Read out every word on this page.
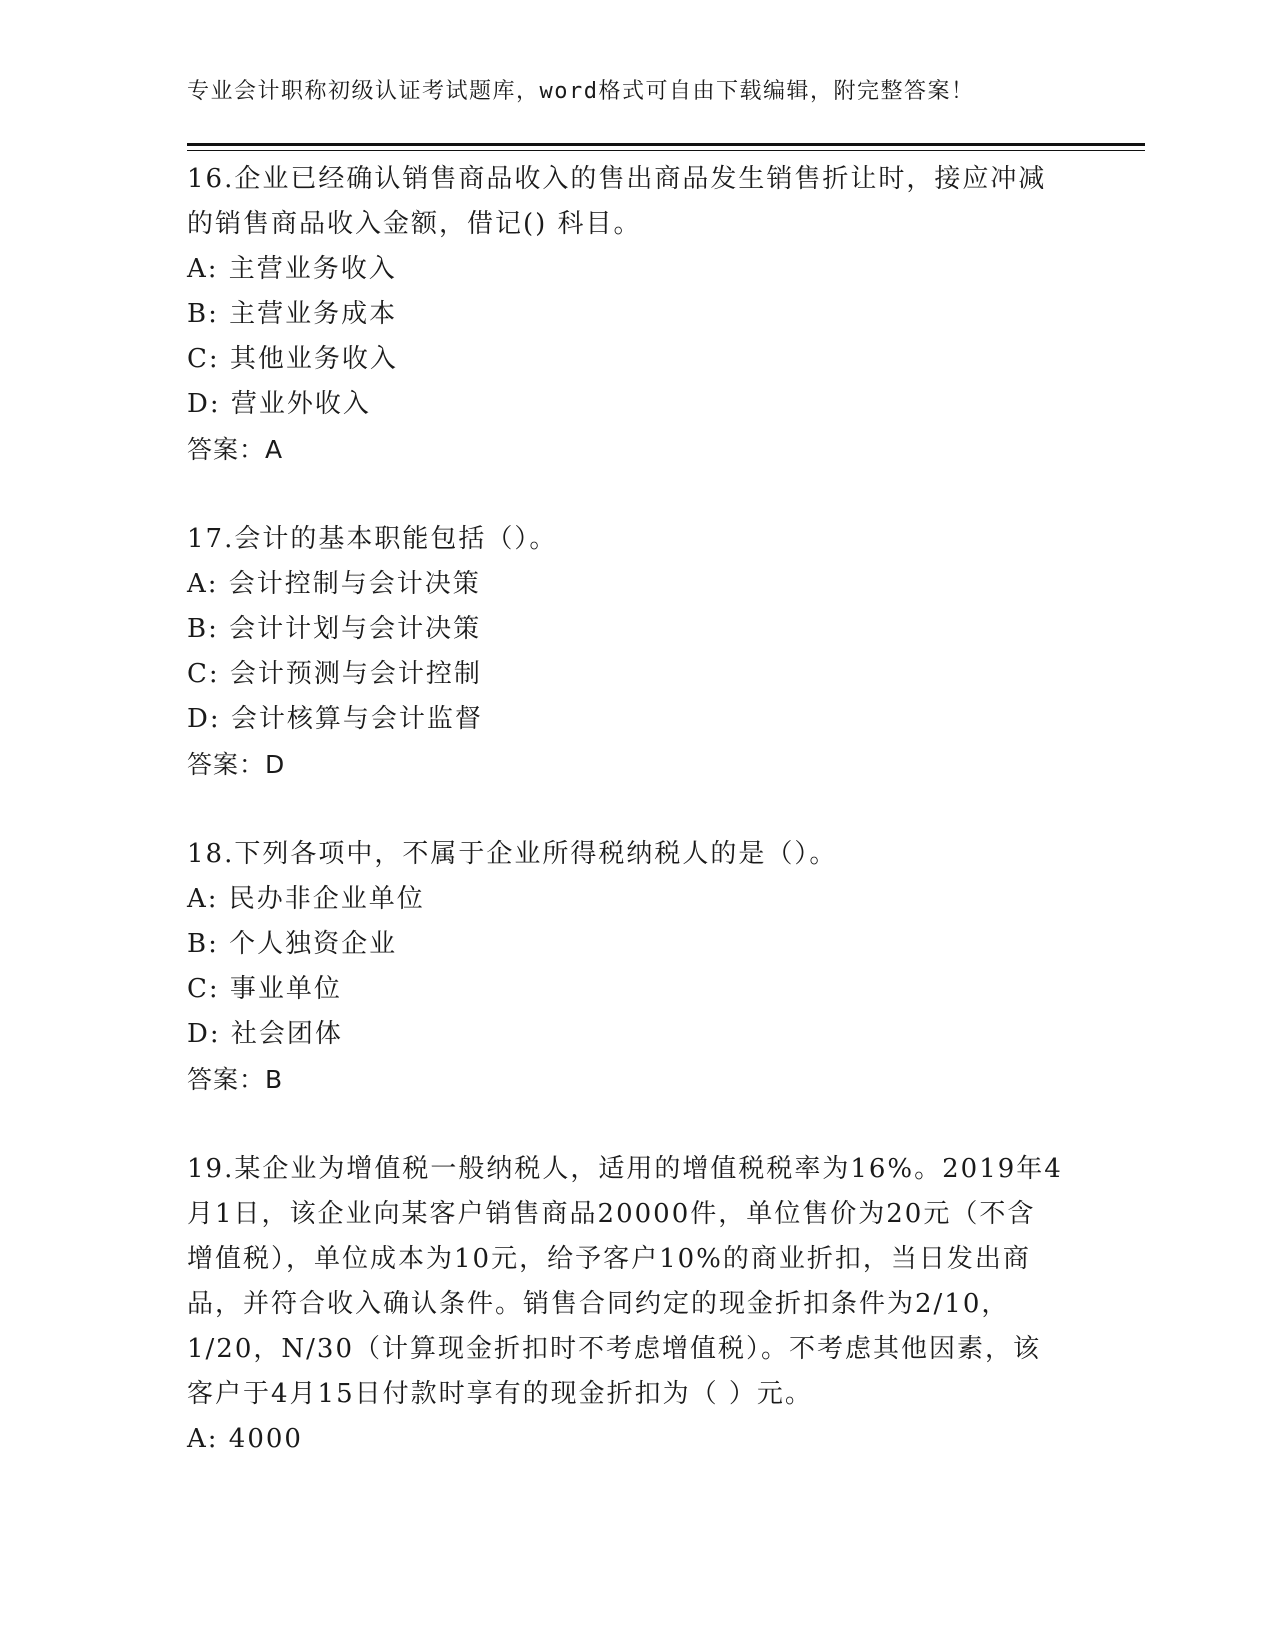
专业会计职称初级认证考试题库，word格式可自由下载编辑，附完整答案！
16.企业已经确认销售商品收入的售出商品发生销售折让时，接应冲减
的销售商品收入金额，借记() 科目。
A: 主营业务收入
B: 主营业务成本
C: 其他业务收入
D: 营业外收入
答案：A
17.会计的基本职能包括（）。
A: 会计控制与会计决策
B: 会计计划与会计决策
C: 会计预测与会计控制
D: 会计核算与会计监督
答案：D
18.下列各项中，不属于企业所得税纳税人的是（）。
A: 民办非企业单位
B: 个人独资企业
C: 事业单位
D: 社会团体
答案：B
19.某企业为增值税一般纳税人，适用的增值税税率为16%。2019年4
月1日，该企业向某客户销售商品20000件，单位售价为20元（不含
增值税），单位成本为10元，给予客户10%的商业折扣，当日发出商
品，并符合收入确认条件。销售合同约定的现金折扣条件为2/10，
1/20，N/30（计算现金折扣时不考虑增值税）。不考虑其他因素，该
客户于4月15日付款时享有的现金折扣为（ ）元。
A: 4000
